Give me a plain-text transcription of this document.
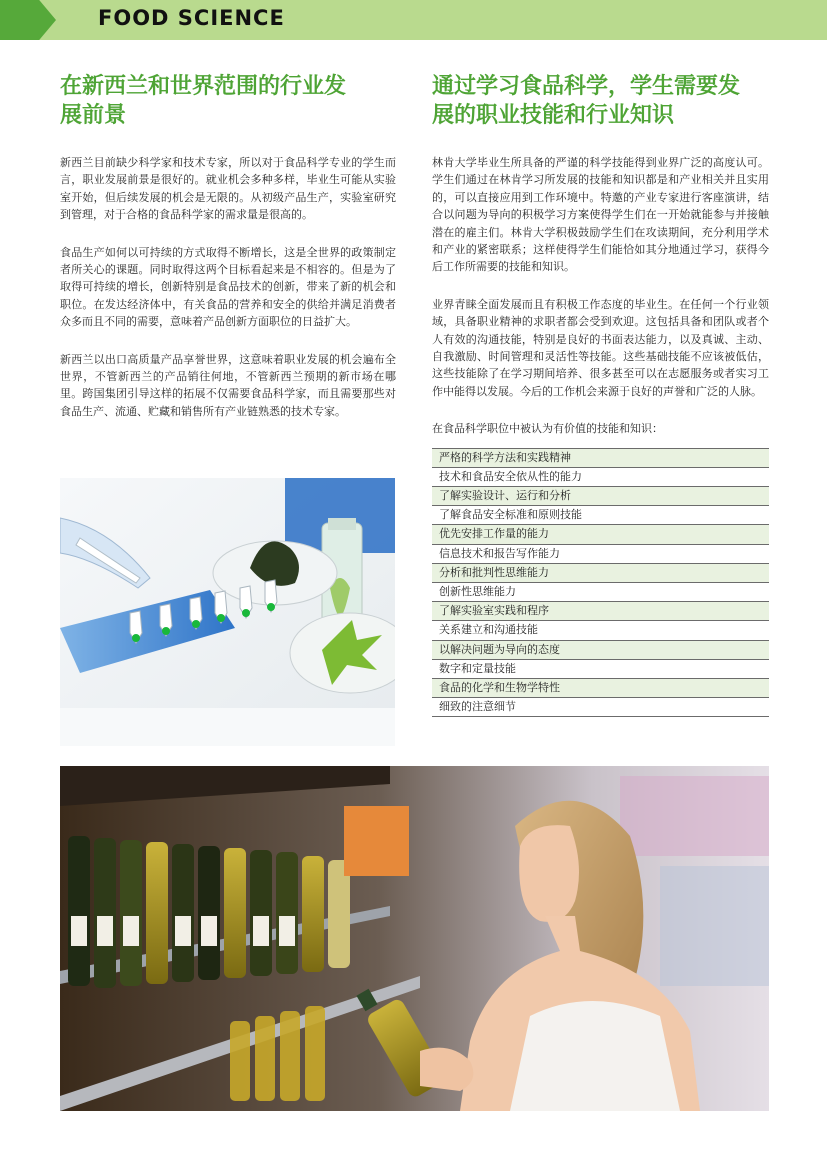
FOOD SCIENCE
在新西兰和世界范围的行业发
展前景

新西兰目前缺少科学家和技术专家，所以对于食品科学专业的学生而言，职业发展前景是很好的。就业机会多种多样，毕业生可能从实验室开始，但后续发展的机会是无限的。从初级产品生产，实验室研究到管理，对于合格的食品科学家的需求量是很高的。

食品生产如何以可持续的方式取得不断增长，这是全世界的政策制定者所关心的课题。同时取得这两个目标看起来是不相容的。但是为了取得可持续的增长，创新特别是食品技术的创新，带来了新的机会和职位。在发达经济体中，有关食品的营养和安全的供给并满足消费者众多而且不同的需要，意味着产品创新方面职位的日益扩大。

新西兰以出口高质量产品享誉世界，这意味着职业发展的机会遍布全世界，不管新西兰的产品销往何地，不管新西兰预期的新市场在哪里。跨国集团引导这样的拓展不仅需要食品科学家，而且需要那些对食品生产、流通、贮藏和销售所有产业链熟悉的技术专家。

通过学习食品科学，学生需要发
展的职业技能和行业知识

林肯大学毕业生所具备的严谨的科学技能得到业界广泛的高度认可。学生们通过在林肯学习所发展的技能和知识都是和产业相关并且实用的，可以直接应用到工作环境中。特邀的产业专家进行客座演讲，结合以问题为导向的积极学习方案使得学生们在一开始就能参与并接触潜在的雇主们。林肯大学积极鼓励学生们在攻读期间，充分利用学术和产业的紧密联系；这样使得学生们能恰如其分地通过学习，获得今后工作所需要的技能和知识。

业界青睐全面发展而且有积极工作态度的毕业生。在任何一个行业领域，具备职业精神的求职者都会受到欢迎。这包括具备和团队或者个人有效的沟通技能，特别是良好的书面表达能力，以及真诚、主动、自我激励、时间管理和灵活性等技能。这些基础技能不应该被低估，这些技能除了在学习期间培养、很多甚至可以在志愿服务或者实习工作中能得以发展。今后的工作机会来源于良好的声誉和广泛的人脉。

在食品科学职位中被认为有价值的技能和知识：

严格的科学方法和实践精神
技术和食品安全依从性的能力
了解实验设计、运行和分析
了解食品安全标准和原则技能
优先安排工作量的能力
信息技术和报告写作能力
分析和批判性思维能力
创新性思维能力
了解实验室实践和程序
关系建立和沟通技能
以解决问题为导向的态度
数字和定量技能
食品的化学和生物学特性
细致的注意细节
